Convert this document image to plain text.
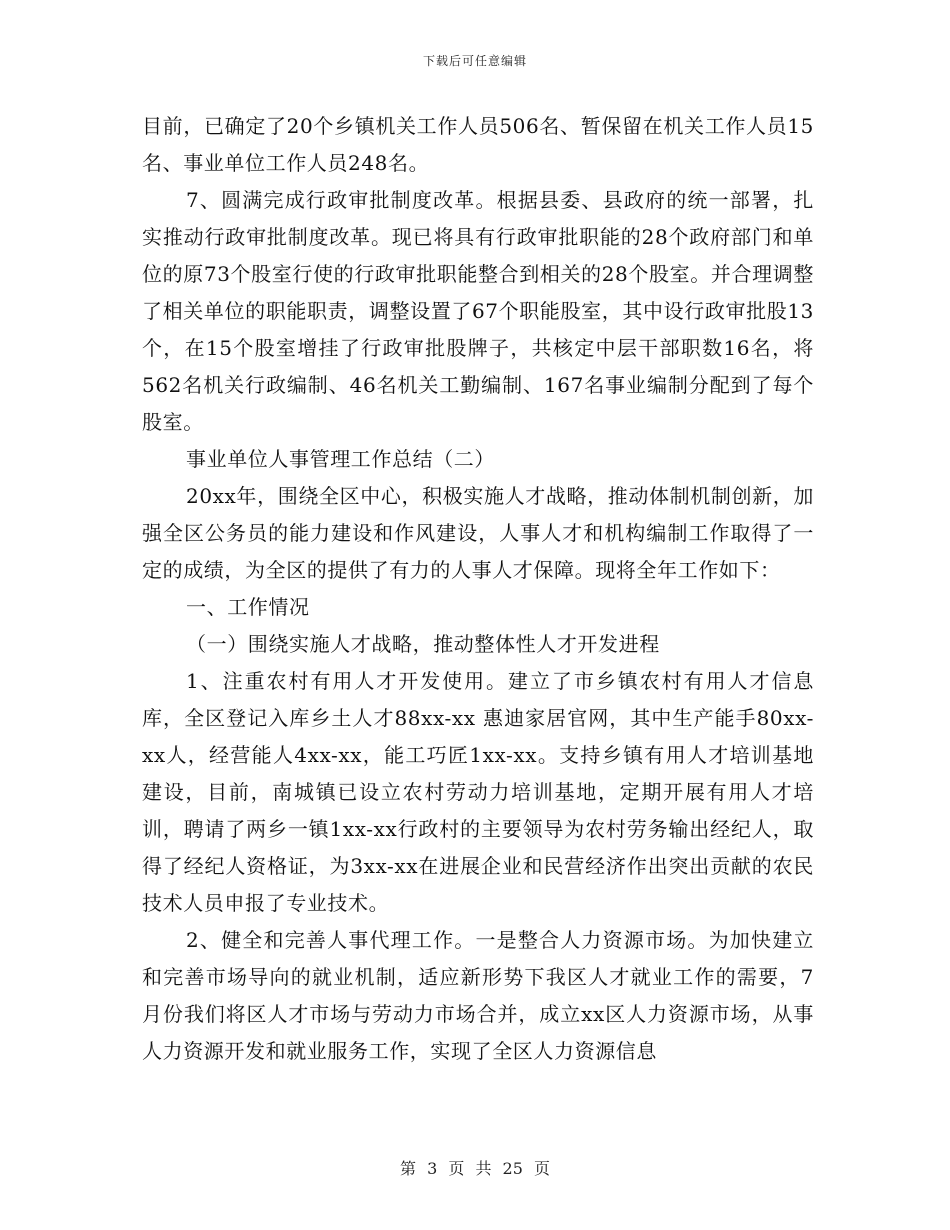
下载后可任意编辑

目前，已确定了20个乡镇机关工作人员506名、暂保留在机关工作人员15名、事业单位工作人员248名。

7、圆满完成行政审批制度改革。根据县委、县政府的统一部署，扎实推动行政审批制度改革。现已将具有行政审批职能的28个政府部门和单位的原73个股室行使的行政审批职能整合到相关的28个股室。并合理调整了相关单位的职能职责，调整设置了67个职能股室，其中设行政审批股13个，在15个股室增挂了行政审批股牌子，共核定中层干部职数16名，将562名机关行政编制、46名机关工勤编制、167名事业编制分配到了每个股室。

事业单位人事管理工作总结（二）

20xx年，围绕全区中心，积极实施人才战略，推动体制机制创新，加强全区公务员的能力建设和作风建设，人事人才和机构编制工作取得了一定的成绩，为全区的提供了有力的人事人才保障。现将全年工作如下：

一、工作情况

（一）围绕实施人才战略，推动整体性人才开发进程

1、注重农村有用人才开发使用。建立了市乡镇农村有用人才信息库，全区登记入库乡土人才88xx-xx 惠迪家居官网，其中生产能手80xx-xx人，经营能人4xx-xx，能工巧匠1xx-xx。支持乡镇有用人才培训基地建设，目前，南城镇已设立农村劳动力培训基地，定期开展有用人才培训，聘请了两乡一镇1xx-xx行政村的主要领导为农村劳务输出经纪人，取得了经纪人资格证，为3xx-xx在进展企业和民营经济作出突出贡献的农民技术人员申报了专业技术。

2、健全和完善人事代理工作。一是整合人力资源市场。为加快建立和完善市场导向的就业机制，适应新形势下我区人才就业工作的需要，7月份我们将区人才市场与劳动力市场合并，成立xx区人力资源市场，从事人力资源开发和就业服务工作，实现了全区人力资源信息

第 3 页 共 25 页
